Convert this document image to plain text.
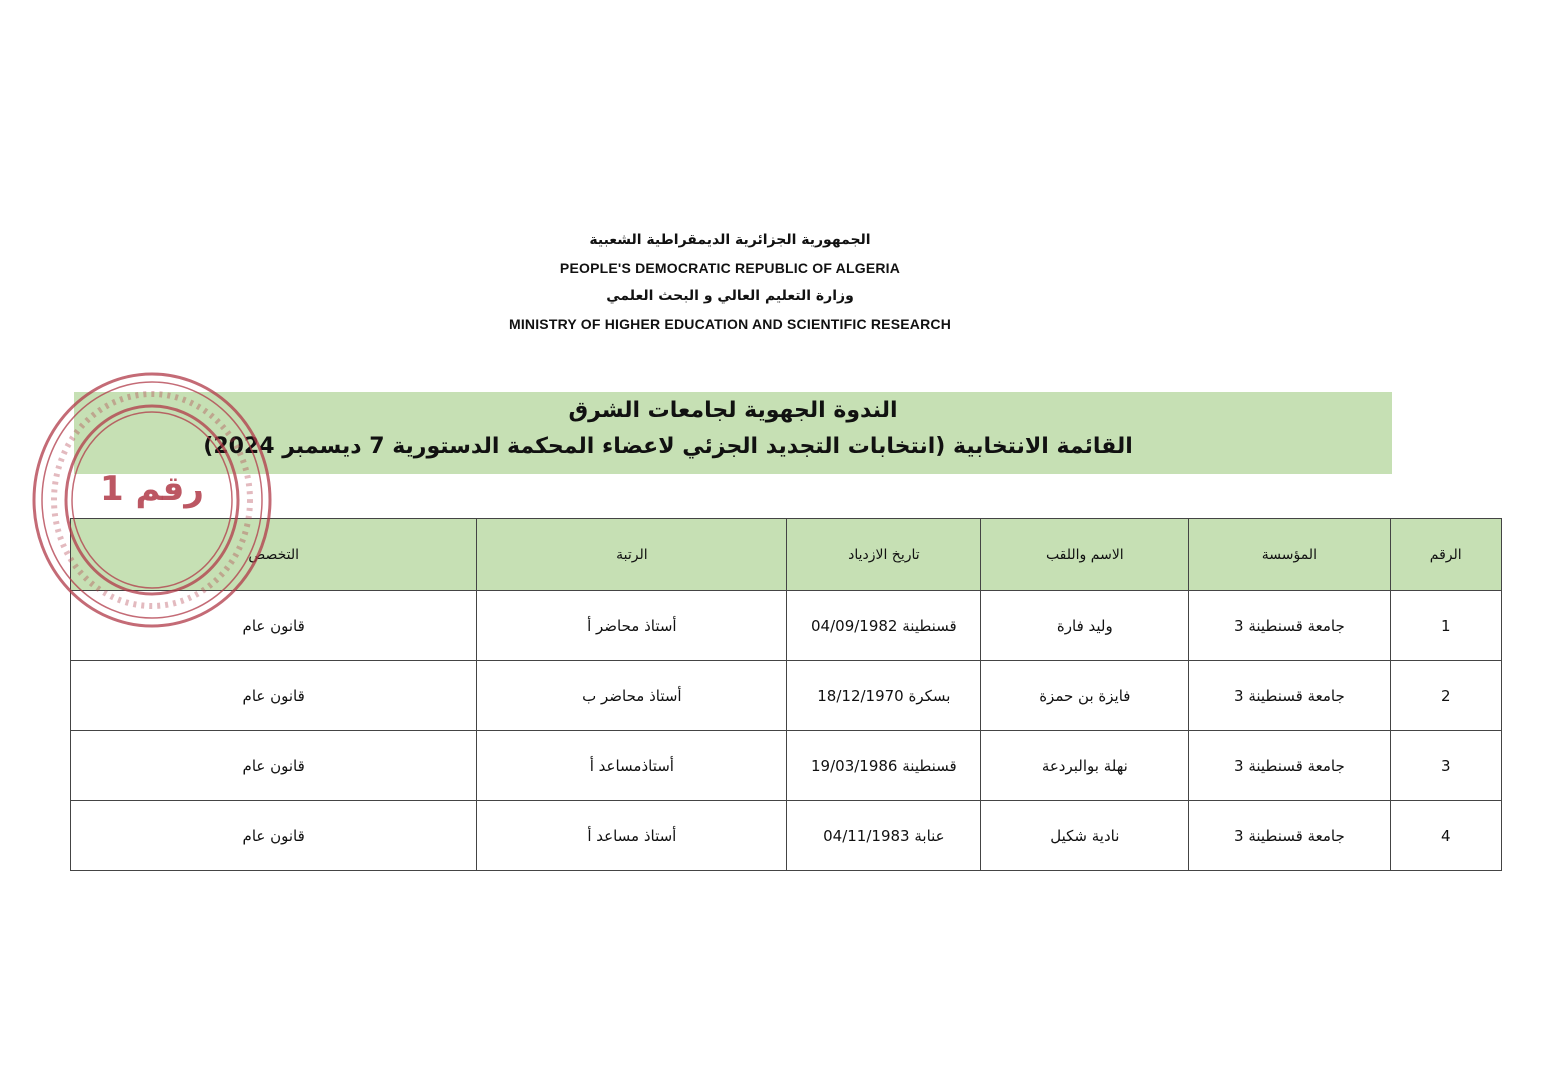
الجمهورية الجزائرية الديمقراطية الشعبية
PEOPLE'S DEMOCRATIC REPUBLIC OF ALGERIA
وزارة التعليم العالي و البحث العلمي
MINISTRY OF HIGHER EDUCATION AND SCIENTIFIC RESEARCH
الندوة الجهوية لجامعات الشرق
القائمة الانتخابية (انتخابات التجديد الجزئي لاعضاء المحكمة الدستورية 7 ديسمبر 2024)
الرقم	المؤسسة	الاسم واللقب	تاريخ الازدياد	الرتبة	التخصص
1	جامعة قسنطينة 3	وليد فارة	قسنطينة 04/09/1982	أستاذ محاضر أ	قانون عام
2	جامعة قسنطينة 3	فايزة بن حمزة	بسكرة 18/12/1970	أستاذ محاضر ب	قانون عام
3	جامعة قسنطينة 3	نهلة بوالبردعة	قسنطينة 19/03/1986	أستاذمساعد أ	قانون عام
4	جامعة قسنطينة 3	نادية شكيل	عنابة 04/11/1983	أستاذ مساعد أ	قانون عام
رقم 1
